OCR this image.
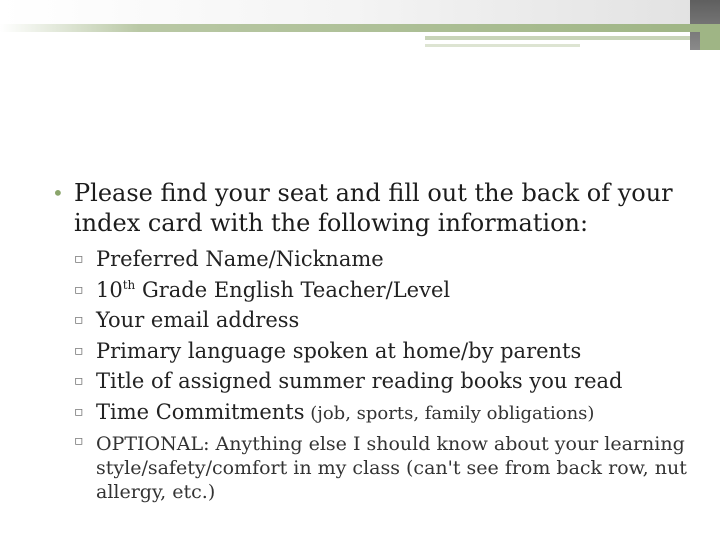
• Please find your seat and fill out the back of your index card with the following information:
▫ Preferred Name/Nickname
▫ 10th Grade English Teacher/Level
▫ Your email address
▫ Primary language spoken at home/by parents
▫ Title of assigned summer reading books you read
▫ Time Commitments (job, sports, family obligations)
▫ OPTIONAL: Anything else I should know about your learning style/safety/comfort in my class (can't see from back row, nut allergy, etc.)
